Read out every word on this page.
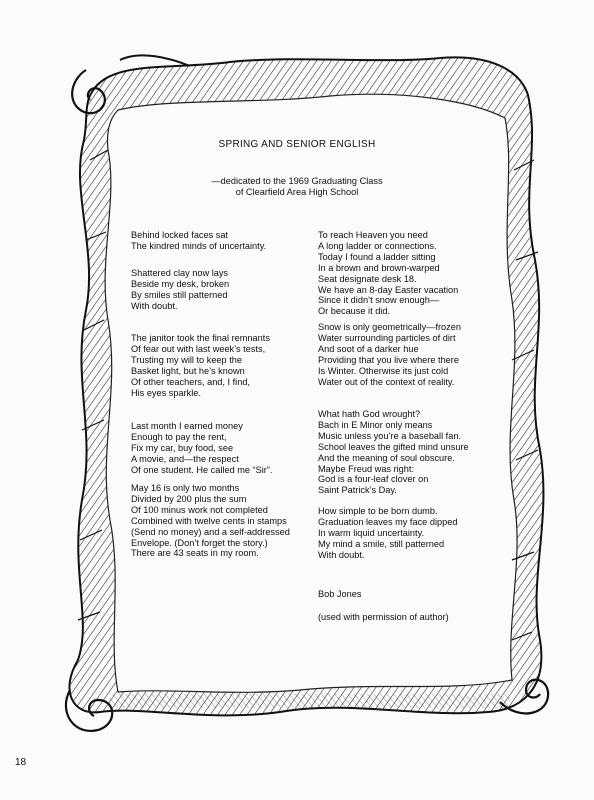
SPRING AND SENIOR ENGLISH
—dedicated to the 1969 Graduating Class
of Clearfield Area High School
Behind locked faces sat
The kindred minds of uncertainty.
Shattered clay now lays
Beside my desk, broken
By smiles still patterned
With doubt.
The janitor took the final remnants
Of fear out with last week’s tests,
Trusting my will to keep the
Basket light, but he’s known
Of other teachers, and, I find,
His eyes sparkle.
Last month I earned money
Enough to pay the rent,
Fix my car, buy food, see
A movie, and—the respect
Of one student. He called me “Sir”.
May 16 is only two months
Divided by 200 plus the sum
Of 100 minus work not completed
Combined with twelve cents in stamps
(Send no money) and a self-addressed
Envelope. (Don’t forget the story.)
There are 43 seats in my room.
To reach Heaven you need
A long ladder or connections.
Today I found a ladder sitting
In a brown and brown-warped
Seat designate desk 18.
We have an 8-day Easter vacation
Since it didn’t snow enough—
Or because it did.
Snow is only geometrically—frozen
Water surrounding particles of dirt
And soot of a darker hue
Providing that you live where there
Is Winter. Otherwise its just cold
Water out of the context of reality.
What hath God wrought?
Bach in E Minor only means
Music unless you’re a baseball fan.
School leaves the gifted mind unsure
And the meaning of soul obscure.
Maybe Freud was right:
God is a four-leaf clover on
Saint Patrick’s Day.
How simple to be born dumb.
Graduation leaves my face dipped
In warm liquid uncertainty.
My mind a smile, still patterned
With doubt.
Bob Jones
(used with permission of author)
18
